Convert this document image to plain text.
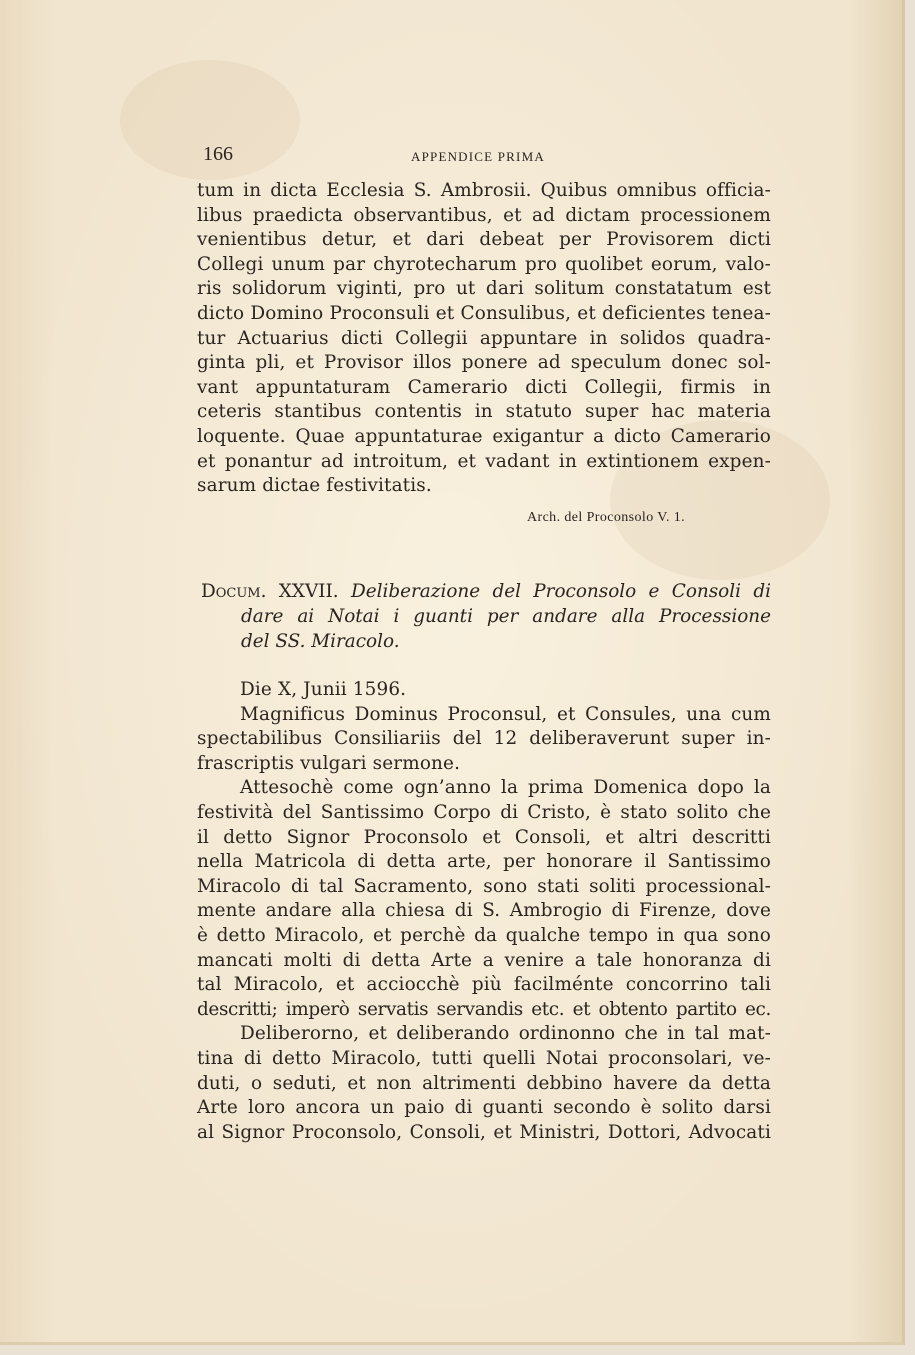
166	APPENDICE PRIMA
tum in dicta Ecclesia S. Ambrosii. Quibus omnibus officia-
libus praedicta observantibus, et ad dictam processionem
venientibus detur, et dari debeat per Provisorem dicti
Collegi unum par chyrotecharum pro quolibet eorum, valo-
ris solidorum viginti, pro ut dari solitum constatatum est
dicto Domino Proconsuli et Consulibus, et deficientes tenea-
tur Actuarius dicti Collegii appuntare in solidos quadra-
ginta pli, et Provisor illos ponere ad speculum donec sol-
vant appuntaturam Camerario dicti Collegii, firmis in
ceteris stantibus contentis in statuto super hac materia
loquente. Quae appuntaturae exigantur a dicto Camerario
et ponantur ad introitum, et vadant in extintionem expen-
sarum dictae festivitatis.
Arch. del Proconsolo V. 1.
Docum. XXVII. Deliberazione del Proconsolo e Consoli di
dare ai Notai i guanti per andare alla Processione
del SS. Miracolo.
Die X, Junii 1596.
Magnificus Dominus Proconsul, et Consules, una cum
spectabilibus Consiliariis del 12 deliberaverunt super in-
frascriptis vulgari sermone.
Attesochè come ogn’anno la prima Domenica dopo la
festività del Santissimo Corpo di Cristo, è stato solito che
il detto Signor Proconsolo et Consoli, et altri descritti
nella Matricola di detta arte, per honorare il Santissimo
Miracolo di tal Sacramento, sono stati soliti processional-
mente andare alla chiesa di S. Ambrogio di Firenze, dove
è detto Miracolo, et perchè da qualche tempo in qua sono
mancati molti di detta Arte a venire a tale honoranza di
tal Miracolo, et acciocchè più facilménte concorrino tali
descritti; imperò servatis servandis etc. et obtento partito ec.
Deliberorno, et deliberando ordinonno che in tal mat-
tina di detto Miracolo, tutti quelli Notai proconsolari, ve-
duti, o seduti, et non altrimenti debbino havere da detta
Arte loro ancora un paio di guanti secondo è solito darsi
al Signor Proconsolo, Consoli, et Ministri, Dottori, Advocati
